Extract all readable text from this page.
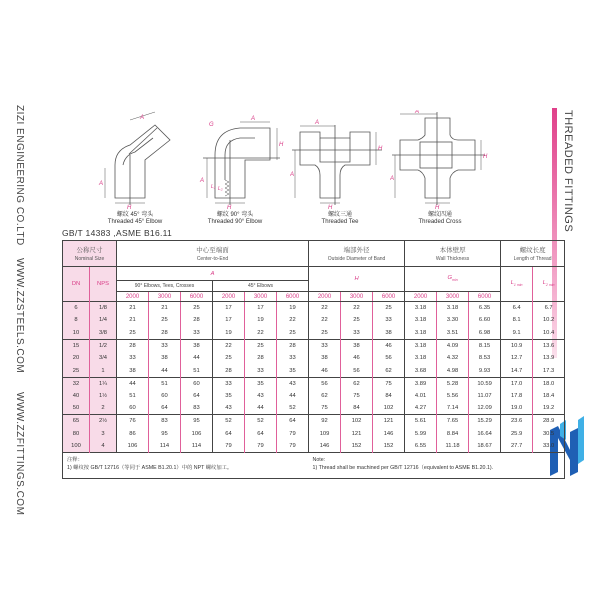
ZIZI ENGINEERING CO.LTD
WWW.ZZSTEELS.COM
WWW.ZZFITTINGS.COM
THREADED FITTINGS
A
H
A
螺纹 45° 弯头
Threaded 45° Elbow
A
H
A
H
G
L₁ L₂
螺纹 90° 弯头
Threaded 90° Elbow
A
H
A
H
螺纹三通
Threaded Tee
A
H
A
H
螺纹四通
Threaded Cross
GB/T 14383 ,ASME B16.11
公称尺寸
Nominal Size		中心至端面
Center-to-End						端部外径
Outside Diameter of Band			本体壁厚
Wall Thickness			螺纹长度
Length of Thread	

DN	NPS	A						H			$G_{min}$			$L_{1 min}$	$L_{2 min}$
		90° Elbows, Tees, Crosses			45° Elbows										
		2000	3000	6000	2000	3000	6000	2000	3000	6000	2000	3000	6000		
6	1/8	21	21	25	17	17	19	22	22	25	3.18	3.18	6.35	6.4	6.7
8	1/4	21	25	28	17	19	22	22	25	33	3.18	3.30	6.60	8.1	10.2
10	3/8	25	28	33	19	22	25	25	33	38	3.18	3.51	6.98	9.1	10.4
15	1/2	28	33	38	22	25	28	33	38	46	3.18	4.09	8.15	10.9	13.6
20	3/4	33	38	44	25	28	33	38	46	56	3.18	4.32	8.53	12.7	13.9
25	1	38	44	51	28	33	35	46	56	62	3.68	4.98	9.93	14.7	17.3
32	1¼	44	51	60	33	35	43	56	62	75	3.89	5.28	10.59	17.0	18.0
40	1½	51	60	64	35	43	44	62	75	84	4.01	5.56	11.07	17.8	18.4
50	2	60	64	83	43	44	52	75	84	102	4.27	7.14	12.09	19.0	19.2
65	2½	76	83	95	52	52	64	92	102	121	5.61	7.65	15.29	23.6	28.9
80	3	86	95	106	64	64	79	109	121	146	5.99	8.84	16.64	25.9	30.5
100	4	106	114	114	79	79	79	146	152	152	6.55	11.18	18.67	27.7	33.0

注释：
1) 螺纹按 GB/T 12716（等同于 ASME B1.20.1）中的 NPT 螺纹加工。

Note:
1) Thread shall be machined per GB/T 12716（equivalent to ASME B1.20.1).
